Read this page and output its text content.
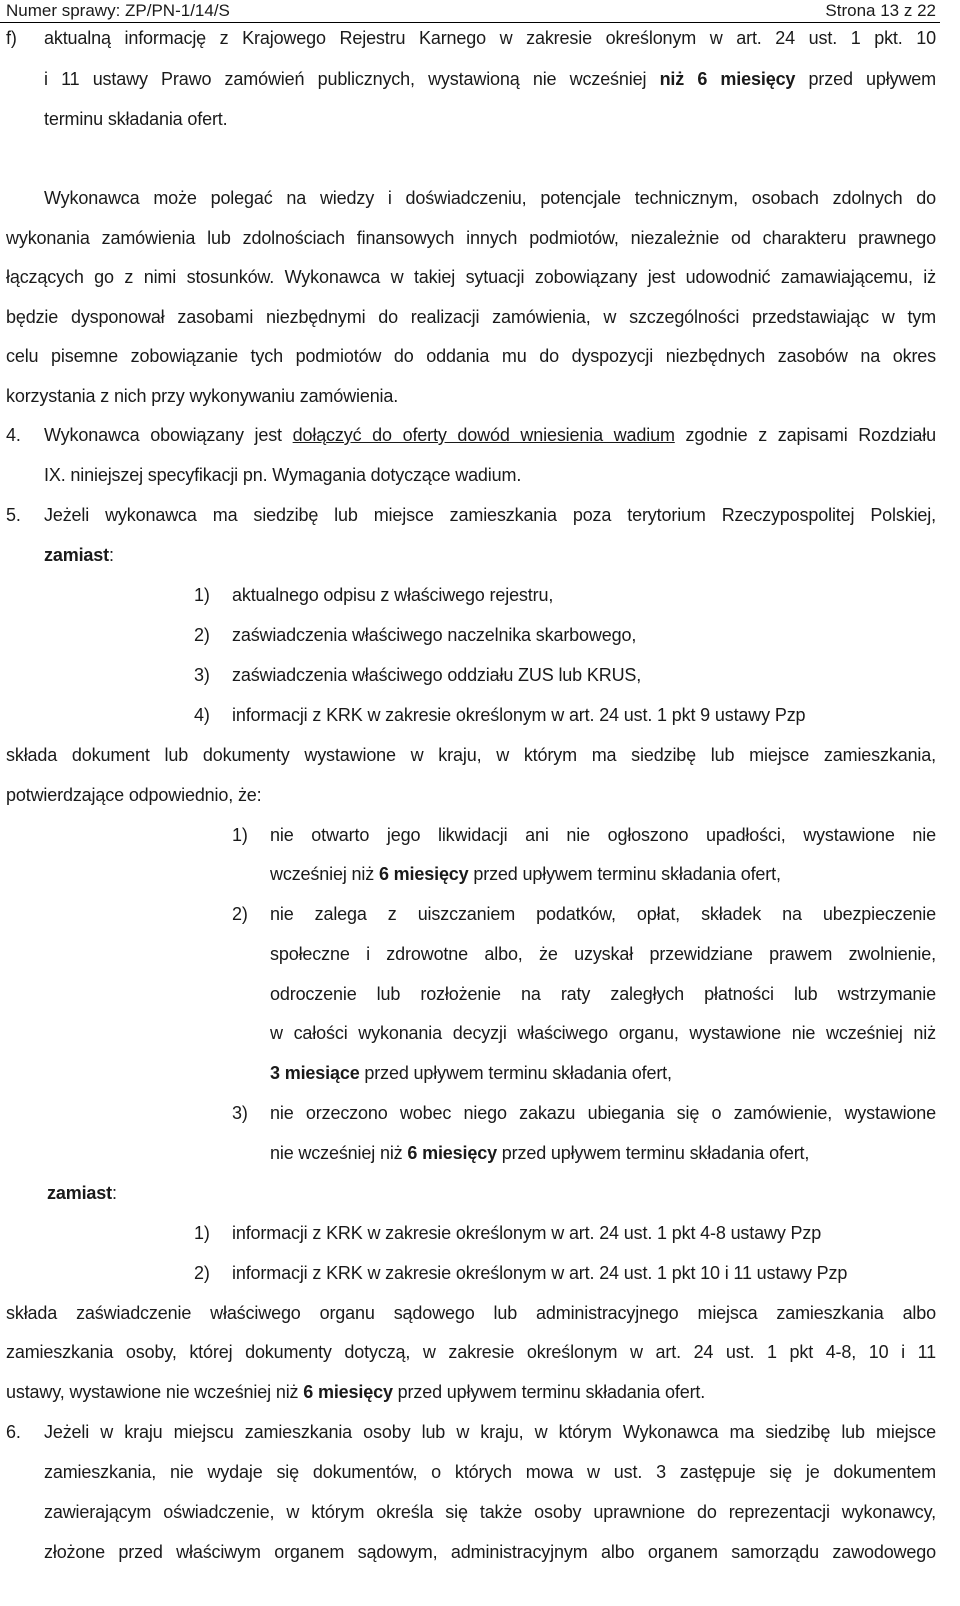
Numer sprawy: ZP/PN-1/14/S	Strona 13 z 22
f) aktualną informację z Krajowego Rejestru Karnego w zakresie określonym w art. 24 ust. 1 pkt. 10
i 11 ustawy Prawo zamówień publicznych, wystawioną nie wcześniej niż 6 miesięcy przed upływem
terminu składania ofert.
Wykonawca może polegać na wiedzy i doświadczeniu, potencjale technicznym, osobach zdolnych do
wykonania zamówienia lub zdolnościach finansowych innych podmiotów, niezależnie od charakteru prawnego
łączących go z nimi stosunków. Wykonawca w takiej sytuacji zobowiązany jest udowodnić zamawiającemu, iż
będzie dysponował zasobami niezbędnymi do realizacji zamówienia, w szczególności przedstawiając w tym
celu pisemne zobowiązanie tych podmiotów do oddania mu do dyspozycji niezbędnych zasobów na okres
korzystania z nich przy wykonywaniu zamówienia.
4. Wykonawca obowiązany jest dołączyć do oferty dowód wniesienia wadium zgodnie z zapisami Rozdziału
IX. niniejszej specyfikacji pn. Wymagania dotyczące wadium.
5. Jeżeli wykonawca ma siedzibę lub miejsce zamieszkania poza terytorium Rzeczypospolitej Polskiej,
zamiast:
1) aktualnego odpisu z właściwego rejestru,
2) zaświadczenia właściwego naczelnika skarbowego,
3) zaświadczenia właściwego oddziału ZUS lub KRUS,
4) informacji z KRK w zakresie określonym w art. 24 ust. 1 pkt 9 ustawy Pzp
składa dokument lub dokumenty wystawione w kraju, w którym ma siedzibę lub miejsce zamieszkania,
potwierdzające odpowiednio, że:
1) nie otwarto jego likwidacji ani nie ogłoszono upadłości, wystawione nie
wcześniej niż 6 miesięcy przed upływem terminu składania ofert,
2) nie zalega z uiszczaniem podatków, opłat, składek na ubezpieczenie
społeczne i zdrowotne albo, że uzyskał przewidziane prawem zwolnienie,
odroczenie lub rozłożenie na raty zaległych płatności lub wstrzymanie
w całości wykonania decyzji właściwego organu, wystawione nie wcześniej niż
3 miesiące przed upływem terminu składania ofert,
3) nie orzeczono wobec niego zakazu ubiegania się o zamówienie, wystawione
nie wcześniej niż 6 miesięcy przed upływem terminu składania ofert,
zamiast:
1) informacji z KRK w zakresie określonym w art. 24 ust. 1 pkt 4-8 ustawy Pzp
2) informacji z KRK w zakresie określonym w art. 24 ust. 1 pkt 10 i 11 ustawy Pzp
składa zaświadczenie właściwego organu sądowego lub administracyjnego miejsca zamieszkania albo
zamieszkania osoby, której dokumenty dotyczą, w zakresie określonym w art. 24 ust. 1 pkt 4-8, 10 i 11
ustawy, wystawione nie wcześniej niż 6 miesięcy przed upływem terminu składania ofert.
6. Jeżeli w kraju miejscu zamieszkania osoby lub w kraju, w którym Wykonawca ma siedzibę lub miejsce
zamieszkania, nie wydaje się dokumentów, o których mowa w ust. 3 zastępuje się je dokumentem
zawierającym oświadczenie, w którym określa się także osoby uprawnione do reprezentacji wykonawcy,
złożone przed właściwym organem sądowym, administracyjnym albo organem samorządu zawodowego
